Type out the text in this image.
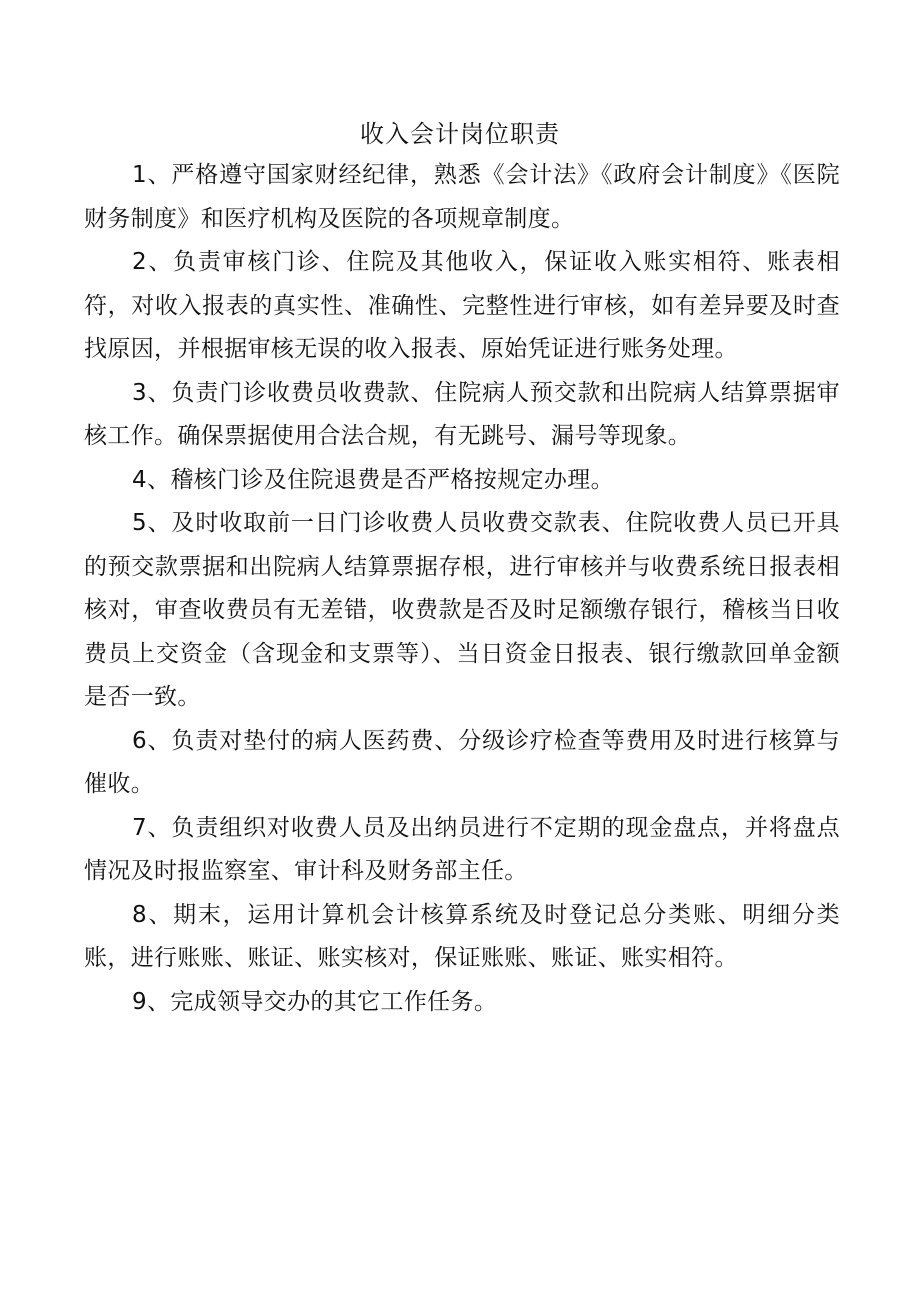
收入会计岗位职责

1、严格遵守国家财经纪律，熟悉《会计法》《政府会计制度》《医院财务制度》和医疗机构及医院的各项规章制度。

2、负责审核门诊、住院及其他收入，保证收入账实相符、账表相符，对收入报表的真实性、准确性、完整性进行审核，如有差异要及时查找原因，并根据审核无误的收入报表、原始凭证进行账务处理。

3、负责门诊收费员收费款、住院病人预交款和出院病人结算票据审核工作。确保票据使用合法合规，有无跳号、漏号等现象。

4、稽核门诊及住院退费是否严格按规定办理。

5、及时收取前一日门诊收费人员收费交款表、住院收费人员已开具的预交款票据和出院病人结算票据存根，进行审核并与收费系统日报表相核对，审查收费员有无差错，收费款是否及时足额缴存银行，稽核当日收费员上交资金（含现金和支票等）、当日资金日报表、银行缴款回单金额是否一致。

6、负责对垫付的病人医药费、分级诊疗检查等费用及时进行核算与催收。

7、负责组织对收费人员及出纳员进行不定期的现金盘点，并将盘点情况及时报监察室、审计科及财务部主任。

8、期末，运用计算机会计核算系统及时登记总分类账、明细分类账，进行账账、账证、账实核对，保证账账、账证、账实相符。

9、完成领导交办的其它工作任务。
